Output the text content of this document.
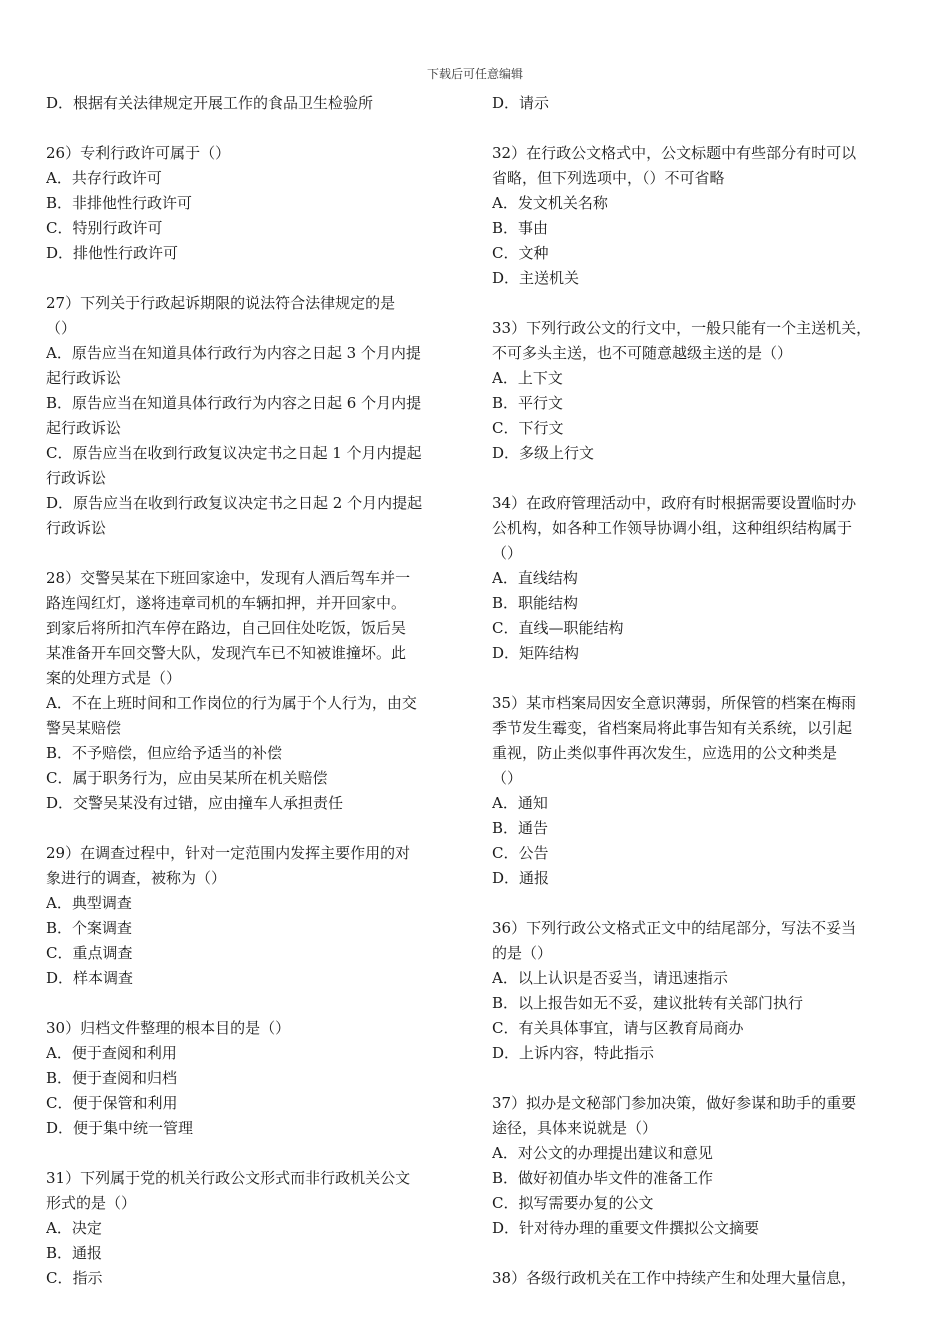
下载后可任意编辑
D．根据有关法律规定开展工作的食品卫生检验所
26）专利行政许可属于（）
A．共存行政许可
B．非排他性行政许可
C．特别行政许可
D．排他性行政许可
27）下列关于行政起诉期限的说法符合法律规定的是
（）
A．原告应当在知道具体行政行为内容之日起 3 个月内提
起行政诉讼
B．原告应当在知道具体行政行为内容之日起 6 个月内提
起行政诉讼
C．原告应当在收到行政复议决定书之日起 1 个月内提起
行政诉讼
D．原告应当在收到行政复议决定书之日起 2 个月内提起
行政诉讼
28）交警吴某在下班回家途中，发现有人酒后驾车并一
路连闯红灯，遂将违章司机的车辆扣押，并开回家中。
到家后将所扣汽车停在路边，自己回住处吃饭，饭后吴
某准备开车回交警大队，发现汽车已不知被谁撞坏。此
案的处理方式是（）
A．不在上班时间和工作岗位的行为属于个人行为，由交
警吴某赔偿
B．不予赔偿，但应给予适当的补偿
C．属于职务行为，应由吴某所在机关赔偿
D．交警吴某没有过错，应由撞车人承担责任
29）在调查过程中，针对一定范围内发挥主要作用的对
象进行的调查，被称为（）
A．典型调查
B．个案调查
C．重点调查
D．样本调查
30）归档文件整理的根本目的是（）
A．便于查阅和利用
B．便于查阅和归档
C．便于保管和利用
D．便于集中统一管理
31）下列属于党的机关行政公文形式而非行政机关公文
形式的是（）
A．决定
B．通报
C．指示
D．请示
32）在行政公文格式中，公文标题中有些部分有时可以
省略，但下列选项中，（）不可省略
A．发文机关名称
B．事由
C．文种
D．主送机关
33）下列行政公文的行文中，一般只能有一个主送机关，
不可多头主送，也不可随意越级主送的是（）
A．上下文
B．平行文
C．下行文
D．多级上行文
34）在政府管理活动中，政府有时根据需要设置临时办
公机构，如各种工作领导协调小组，这种组织结构属于
（）
A．直线结构
B．职能结构
C．直线—职能结构
D．矩阵结构
35）某市档案局因安全意识薄弱，所保管的档案在梅雨
季节发生霉变，省档案局将此事告知有关系统，以引起
重视，防止类似事件再次发生，应选用的公文种类是
（）
A．通知
B．通告
C．公告
D．通报
36）下列行政公文格式正文中的结尾部分，写法不妥当
的是（）
A．以上认识是否妥当，请迅速指示
B．以上报告如无不妥，建议批转有关部门执行
C．有关具体事宜，请与区教育局商办
D．上诉内容，特此指示
37）拟办是文秘部门参加决策，做好参谋和助手的重要
途径，具体来说就是（）
A．对公文的办理提出建议和意见
B．做好初值办毕文件的准备工作
C．拟写需要办复的公文
D．针对待办理的重要文件撰拟公文摘要
38）各级行政机关在工作中持续产生和处理大量信息，
